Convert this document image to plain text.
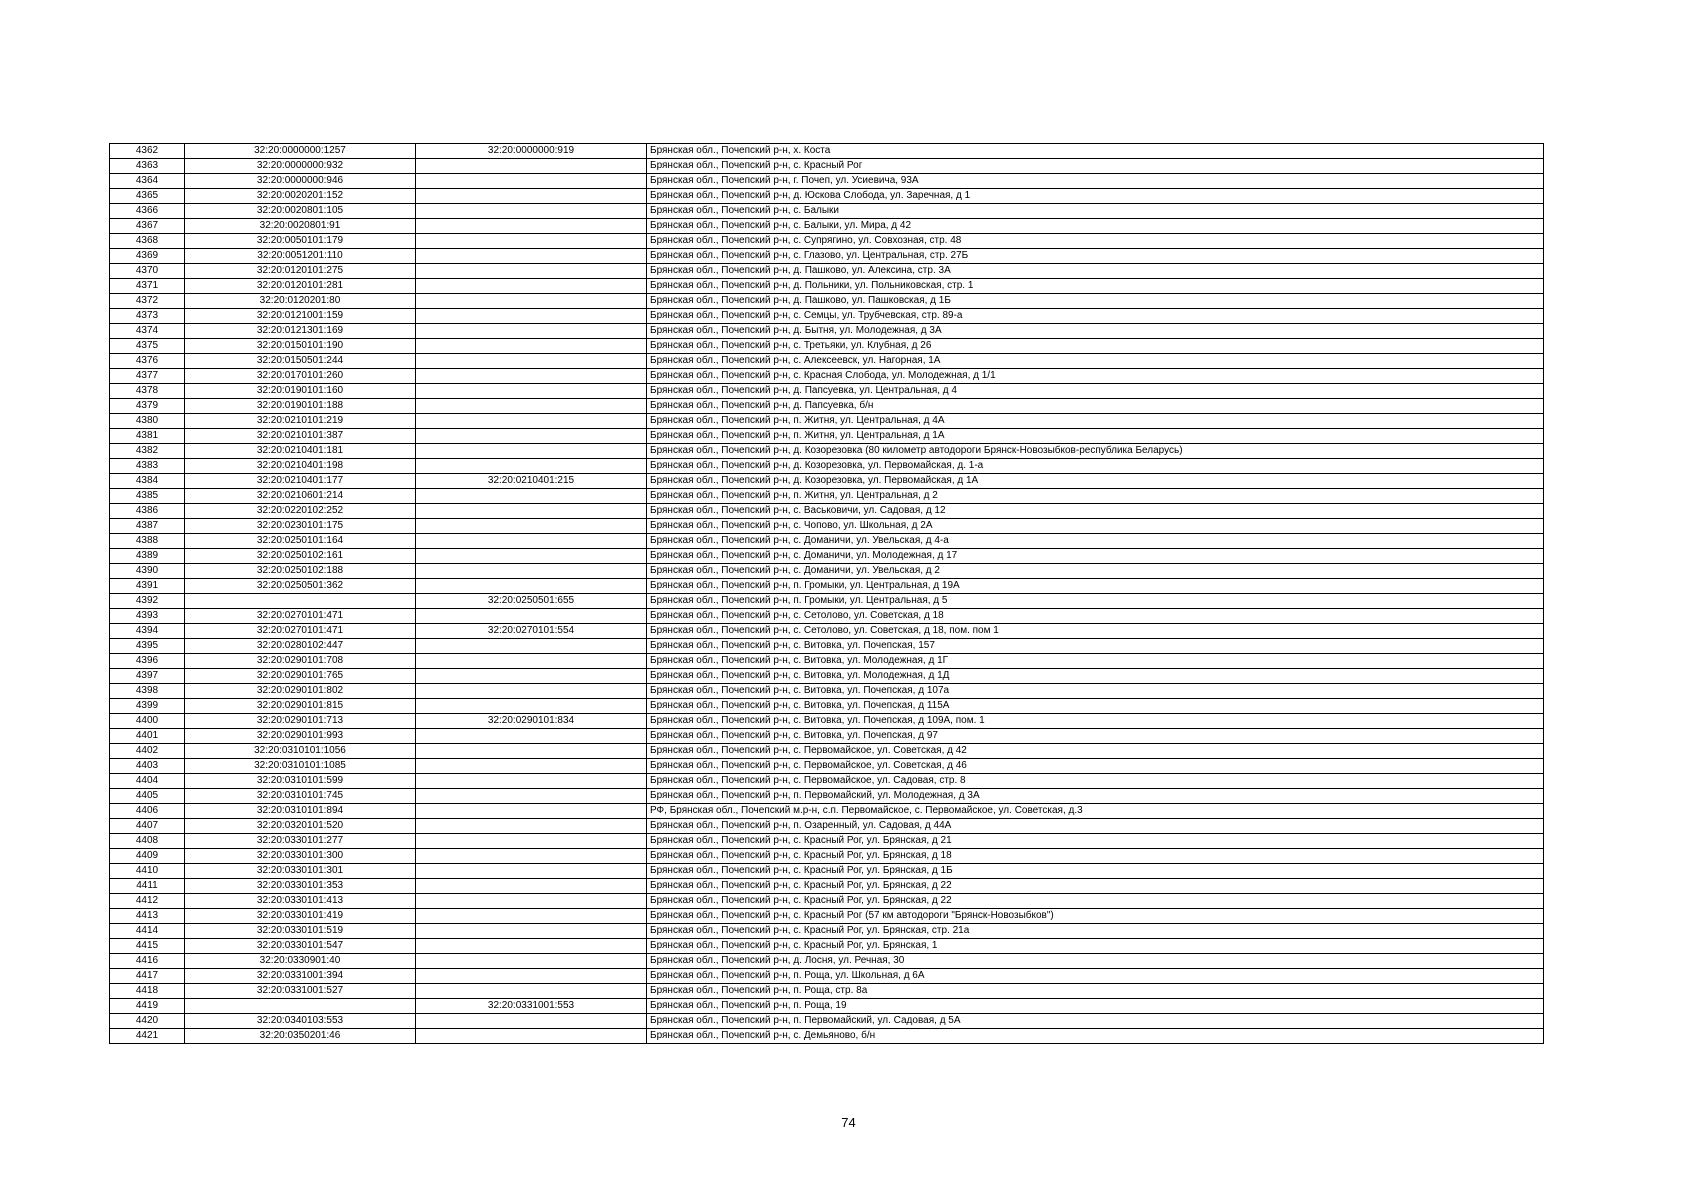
4362	32:20:0000000:1257	32:20:0000000:919	Брянская обл., Почепский р-н, х. Коста
4363	32:20:0000000:932		Брянская обл., Почепский р-н, с. Красный Рог
4364	32:20:0000000:946		Брянская обл., Почепский р-н, г. Почеп, ул. Усиевича, 93А
4365	32:20:0020201:152		Брянская обл., Почепский р-н, д. Юскова Слобода, ул. Заречная, д 1
4366	32:20:0020801:105		Брянская обл., Почепский р-н, с. Балыки
4367	32:20:0020801:91		Брянская обл., Почепский р-н, с. Балыки, ул. Мира, д 42
4368	32:20:0050101:179		Брянская обл., Почепский р-н, с. Супрягино, ул. Совхозная, стр. 48
4369	32:20:0051201:110		Брянская обл., Почепский р-н, с. Глазово, ул. Центральная, стр. 27Б
4370	32:20:0120101:275		Брянская обл., Почепский р-н, д. Пашково, ул. Алексина, стр. 3А
4371	32:20:0120101:281		Брянская обл., Почепский р-н, д. Польники, ул. Польниковская, стр. 1
4372	32:20:0120201:80		Брянская обл., Почепский р-н, д. Пашково, ул. Пашковская, д 1Б
4373	32:20:0121001:159		Брянская обл., Почепский р-н, с. Семцы, ул. Трубчевская, стр. 89-а
4374	32:20:0121301:169		Брянская обл., Почепский р-н, д. Бытня, ул. Молодежная, д 3А
4375	32:20:0150101:190		Брянская обл., Почепский р-н, с. Третьяки, ул. Клубная, д 26
4376	32:20:0150501:244		Брянская обл., Почепский р-н, с. Алексеевск, ул. Нагорная, 1А
4377	32:20:0170101:260		Брянская обл., Почепский р-н, с. Красная Слобода, ул. Молодежная, д 1/1
4378	32:20:0190101:160		Брянская обл., Почепский р-н, д. Папсуевка, ул. Центральная, д 4
4379	32:20:0190101:188		Брянская обл., Почепский р-н, д. Папсуевка, б/н
4380	32:20:0210101:219		Брянская обл., Почепский р-н, п. Житня, ул. Центральная, д 4А
4381	32:20:0210101:387		Брянская обл., Почепский р-н, п. Житня, ул. Центральная, д 1А
4382	32:20:0210401:181		Брянская обл., Почепский р-н, д. Козорезовка (80 километр автодороги Брянск-Новозыбков-республика Беларусь)
4383	32:20:0210401:198		Брянская обл., Почепский р-н, д. Козорезовка, ул. Первомайская, д. 1-а
4384	32:20:0210401:177	32:20:0210401:215	Брянская обл., Почепский р-н, д. Козорезовка, ул. Первомайская, д 1А
4385	32:20:0210601:214		Брянская обл., Почепский р-н, п. Житня, ул. Центральная, д 2
4386	32:20:0220102:252		Брянская обл., Почепский р-н, с. Васьковичи, ул. Садовая, д 12
4387	32:20:0230101:175		Брянская обл., Почепский р-н, с. Чопово, ул. Школьная, д 2А
4388	32:20:0250101:164		Брянская обл., Почепский р-н, с. Доманичи, ул. Увельская, д 4-а
4389	32:20:0250102:161		Брянская обл., Почепский р-н, с. Доманичи, ул. Молодежная, д 17
4390	32:20:0250102:188		Брянская обл., Почепский р-н, с. Доманичи, ул. Увельская, д 2
4391	32:20:0250501:362		Брянская обл., Почепский р-н, п. Громыки, ул. Центральная, д 19А
4392		32:20:0250501:655	Брянская обл., Почепский р-н, п. Громыки, ул. Центральная, д 5
4393	32:20:0270101:471		Брянская обл., Почепский р-н, с. Сетолово, ул. Советская, д 18
4394	32:20:0270101:471	32:20:0270101:554	Брянская обл., Почепский р-н, с. Сетолово, ул. Советская, д 18, пом. пом 1
4395	32:20:0280102:447		Брянская обл., Почепский р-н, с. Витовка, ул. Почепская, 157
4396	32:20:0290101:708		Брянская обл., Почепский р-н, с. Витовка, ул. Молодежная, д 1Г
4397	32:20:0290101:765		Брянская обл., Почепский р-н, с. Витовка, ул. Молодежная, д 1Д
4398	32:20:0290101:802		Брянская обл., Почепский р-н, с. Витовка, ул. Почепская, д 107а
4399	32:20:0290101:815		Брянская обл., Почепский р-н, с. Витовка, ул. Почепская, д 115А
4400	32:20:0290101:713	32:20:0290101:834	Брянская обл., Почепский р-н, с. Витовка, ул. Почепская, д 109А, пом. 1
4401	32:20:0290101:993		Брянская обл., Почепский р-н, с. Витовка, ул. Почепская, д 97
4402	32:20:0310101:1056		Брянская обл., Почепский р-н, с. Первомайское, ул. Советская, д 42
4403	32:20:0310101:1085		Брянская обл., Почепский р-н, с. Первомайское, ул. Советская, д 46
4404	32:20:0310101:599		Брянская обл., Почепский р-н, с. Первомайское, ул. Садовая, стр. 8
4405	32:20:0310101:745		Брянская обл., Почепский р-н, п. Первомайский, ул. Молодежная, д 3А
4406	32:20:0310101:894		РФ, Брянская обл., Почепский м.р-н, с.п. Первомайское, с. Первомайское, ул. Советская, д.3
4407	32:20:0320101:520		Брянская обл., Почепский р-н, п. Озаренный, ул. Садовая, д 44А
4408	32:20:0330101:277		Брянская обл., Почепский р-н, с. Красный Рог, ул. Брянская, д 21
4409	32:20:0330101:300		Брянская обл., Почепский р-н, с. Красный Рог, ул. Брянская, д 18
4410	32:20:0330101:301		Брянская обл., Почепский р-н, с. Красный Рог, ул. Брянская, д 1Б
4411	32:20:0330101:353		Брянская обл., Почепский р-н, с. Красный Рог, ул. Брянская, д 22
4412	32:20:0330101:413		Брянская обл., Почепский р-н, с. Красный Рог, ул. Брянская, д 22
4413	32:20:0330101:419		Брянская обл., Почепский р-н, с. Красный Рог (57 км автодороги "Брянск-Новозыбков")
4414	32:20:0330101:519		Брянская обл., Почепский р-н, с. Красный Рог, ул. Брянская, стр. 21а
4415	32:20:0330101:547		Брянская обл., Почепский р-н, с. Красный Рог, ул. Брянская, 1
4416	32:20:0330901:40		Брянская обл., Почепский р-н, д. Лосня, ул. Речная, 30
4417	32:20:0331001:394		Брянская обл., Почепский р-н, п. Роща, ул. Школьная, д 6А
4418	32:20:0331001:527		Брянская обл., Почепский р-н, п. Роща, стр. 8а
4419		32:20:0331001:553	Брянская обл., Почепский р-н, п. Роща, 19
4420	32:20:0340103:553		Брянская обл., Почепский р-н, п. Первомайский, ул. Садовая, д 5А
4421	32:20:0350201:46		Брянская обл., Почепский р-н, с. Демьяново, б/н
74
